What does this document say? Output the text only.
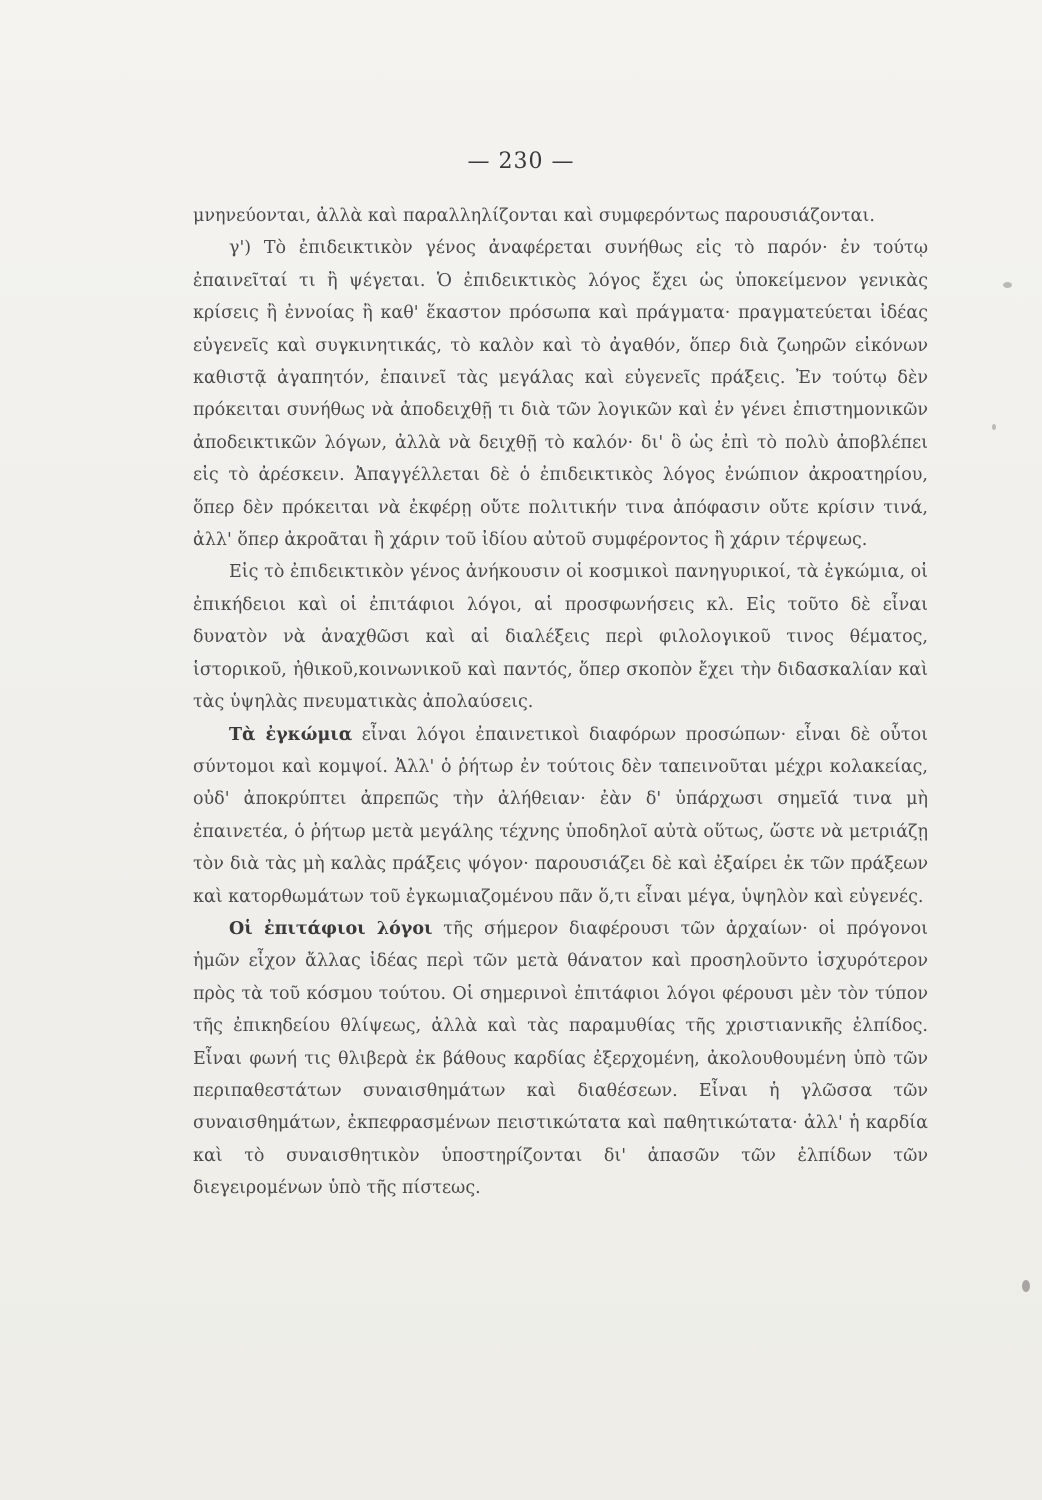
— 230 —

μνηνεύονται, ἀλλὰ καὶ παραλληλίζονται καὶ συμφερόντως παρουσιάζονται.

γ') Τὸ ἐπιδεικτικὸν γένος ἀναφέρεται συνήθως εἰς τὸ παρόν· ἐν τούτῳ ἐπαινεῖταί τι ἢ ψέγεται. Ὁ ἐπιδεικτικὸς λόγος ἔχει ὡς ὑποκείμενον γενικὰς κρίσεις ἢ ἐννοίας ἢ καθ' ἕκαστον πρόσωπα καὶ πράγματα· πραγματεύεται ἰδέας εὐγενεῖς καὶ συγκινητικάς, τὸ καλὸν καὶ τὸ ἀγαθόν, ὅπερ διὰ ζωηρῶν εἰκόνων καθιστᾷ ἀγαπητόν, ἐπαινεῖ τὰς μεγάλας καὶ εὐγενεῖς πράξεις. Ἐν τούτῳ δὲν πρόκειται συνήθως νὰ ἀποδειχθῇ τι διὰ τῶν λογικῶν καὶ ἐν γένει ἐπιστημονικῶν ἀποδεικτικῶν λόγων, ἀλλὰ νὰ δειχθῇ τὸ καλόν· δι' ὃ ὡς ἐπὶ τὸ πολὺ ἀποβλέπει εἰς τὸ ἀρέσκειν. Ἀπαγγέλλεται δὲ ὁ ἐπιδεικτικὸς λόγος ἐνώπιον ἀκροατηρίου, ὅπερ δὲν πρόκειται νὰ ἐκφέρῃ οὔτε πολιτικήν τινα ἀπόφασιν οὔτε κρίσιν τινά, ἀλλ' ὅπερ ἀκροᾶται ἢ χάριν τοῦ ἰδίου αὐτοῦ συμφέροντος ἢ χάριν τέρψεως.

Εἰς τὸ ἐπιδεικτικὸν γένος ἀνήκουσιν οἱ κοσμικοὶ πανηγυρικοί, τὰ ἐγκώμια, οἱ ἐπικήδειοι καὶ οἱ ἐπιτάφιοι λόγοι, αἱ προσφωνήσεις κλ. Εἰς τοῦτο δὲ εἶναι δυνατὸν νὰ ἀναχθῶσι καὶ αἱ διαλέξεις περὶ φιλολογικοῦ τινος θέματος, ἱστορικοῦ, ἠθικοῦ,κοινωνικοῦ καὶ παντός, ὅπερ σκοπὸν ἔχει τὴν διδασκαλίαν καὶ τὰς ὑψηλὰς πνευματικὰς ἀπολαύσεις.

Τὰ ἐγκώμια εἶναι λόγοι ἐπαινετικοὶ διαφόρων προσώπων· εἶναι δὲ οὗτοι σύντομοι καὶ κομψοί. Ἀλλ' ὁ ῥήτωρ ἐν τούτοις δὲν ταπεινοῦται μέχρι κολακείας, οὐδ' ἀποκρύπτει ἀπρεπῶς τὴν ἀλήθειαν· ἐὰν δ' ὑπάρχωσι σημεῖά τινα μὴ ἐπαινετέα, ὁ ῥήτωρ μετὰ μεγάλης τέχνης ὑποδηλοῖ αὐτὰ οὕτως, ὥστε νὰ μετριάζῃ τὸν διὰ τὰς μὴ καλὰς πράξεις ψόγον· παρουσιάζει δὲ καὶ ἐξαίρει ἐκ τῶν πράξεων καὶ κατορθωμάτων τοῦ ἐγκωμιαζομένου πᾶν ὅ,τι εἶναι μέγα, ὑψηλὸν καὶ εὐγενές.

Οἱ ἐπιτάφιοι λόγοι τῆς σήμερον διαφέρουσι τῶν ἀρχαίων· οἱ πρόγονοι ἡμῶν εἶχον ἄλλας ἰδέας περὶ τῶν μετὰ θάνατον καὶ προσηλοῦντο ἰσχυρότερον πρὸς τὰ τοῦ κόσμου τούτου. Οἱ σημερινοὶ ἐπιτάφιοι λόγοι φέρουσι μὲν τὸν τύπον τῆς ἐπικηδείου θλίψεως, ἀλλὰ καὶ τὰς παραμυθίας τῆς χριστιανικῆς ἐλπίδος. Εἶναι φωνή τις θλιβερὰ ἐκ βάθους καρδίας ἐξερχομένη, ἀκολουθουμένη ὑπὸ τῶν περιπαθεστάτων συναισθημάτων καὶ διαθέσεων. Εἶναι ἡ γλῶσσα τῶν συναισθημάτων, ἐκπεφρασμένων πειστικώτατα καὶ παθητικώτατα· ἀλλ' ἡ καρδία καὶ τὸ συναισθητικὸν ὑποστηρίζονται δι' ἁπασῶν τῶν ἐλπίδων τῶν διεγειρομένων ὑπὸ τῆς πίστεως.
